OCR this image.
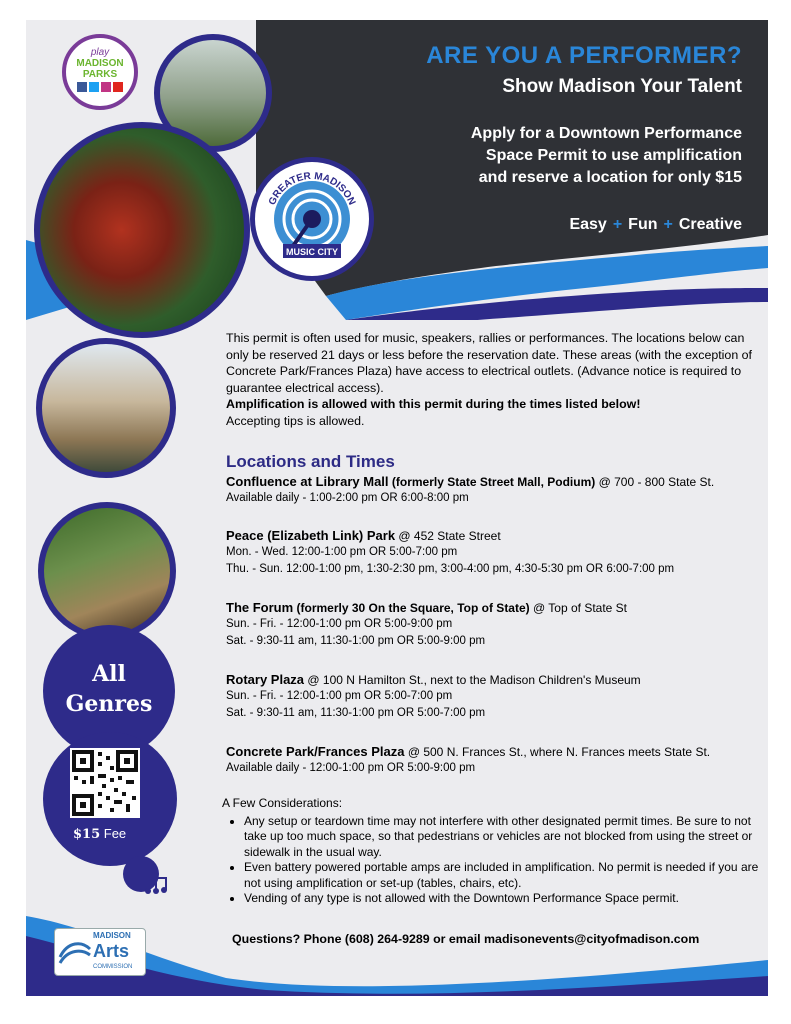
ARE YOU A PERFORMER?
Show Madison Your Talent

Apply for a Downtown Performance
Space Permit to use amplification
and reserve a location for only $15

Easy + Fun + Creative
All
Genres
$15 Fee
play
MADISON
PARKS
GREATER MADISON
MUSIC CITY

This permit is often used for music, speakers, rallies or performances. The locations below can only be reserved 21 days or less before the reservation date. These areas (with the exception of Concrete Park/Frances Plaza) have access to electrical outlets. (Advance notice is required to guarantee electrical access).
Amplification is allowed with this permit during the times listed below!
Accepting tips is allowed.

Locations and Times

Confluence at Library Mall (formerly State Street Mall, Podium) @ 700 - 800 State St.

Available daily - 1:00-2:00 pm OR 6:00-8:00 pm

Peace (Elizabeth Link) Park @ 452 State Street

Mon. - Wed. 12:00-1:00 pm OR 5:00-7:00 pm

Thu. - Sun. 12:00-1:00 pm, 1:30-2:30 pm, 3:00-4:00 pm, 4:30-5:30 pm OR 6:00-7:00 pm

The Forum (formerly 30 On the Square, Top of State) @ Top of State St

Sun. - Fri. - 12:00-1:00 pm OR 5:00-9:00 pm

Sat. - 9:30-11 am, 11:30-1:00 pm OR 5:00-9:00 pm

Rotary Plaza @ 100 N Hamilton St., next to the Madison Children's Museum

Sun. - Fri. - 12:00-1:00 pm OR 5:00-7:00 pm

Sat. - 9:30-11 am, 11:30-1:00 pm OR 5:00-7:00 pm

Concrete Park/Frances Plaza @ 500 N. Frances St., where N. Frances meets State St.

Available daily - 12:00-1:00 pm OR 5:00-9:00 pm

A Few Considerations:
• Any setup or teardown time may not interfere with other designated permit times. Be sure to not take up too much space, so that pedestrians or vehicles are not blocked from using the street or sidewalk in the usual way.
• Even battery powered portable amps are included in amplification. No permit is needed if you are not using amplification or set-up (tables, chairs, etc).
• Vending of any type is not allowed with the Downtown Performance Space permit.
Questions? Phone (608) 264-9289 or email madisonevents@cityofmadison.com
MADISON
Arts
COMMISSION
